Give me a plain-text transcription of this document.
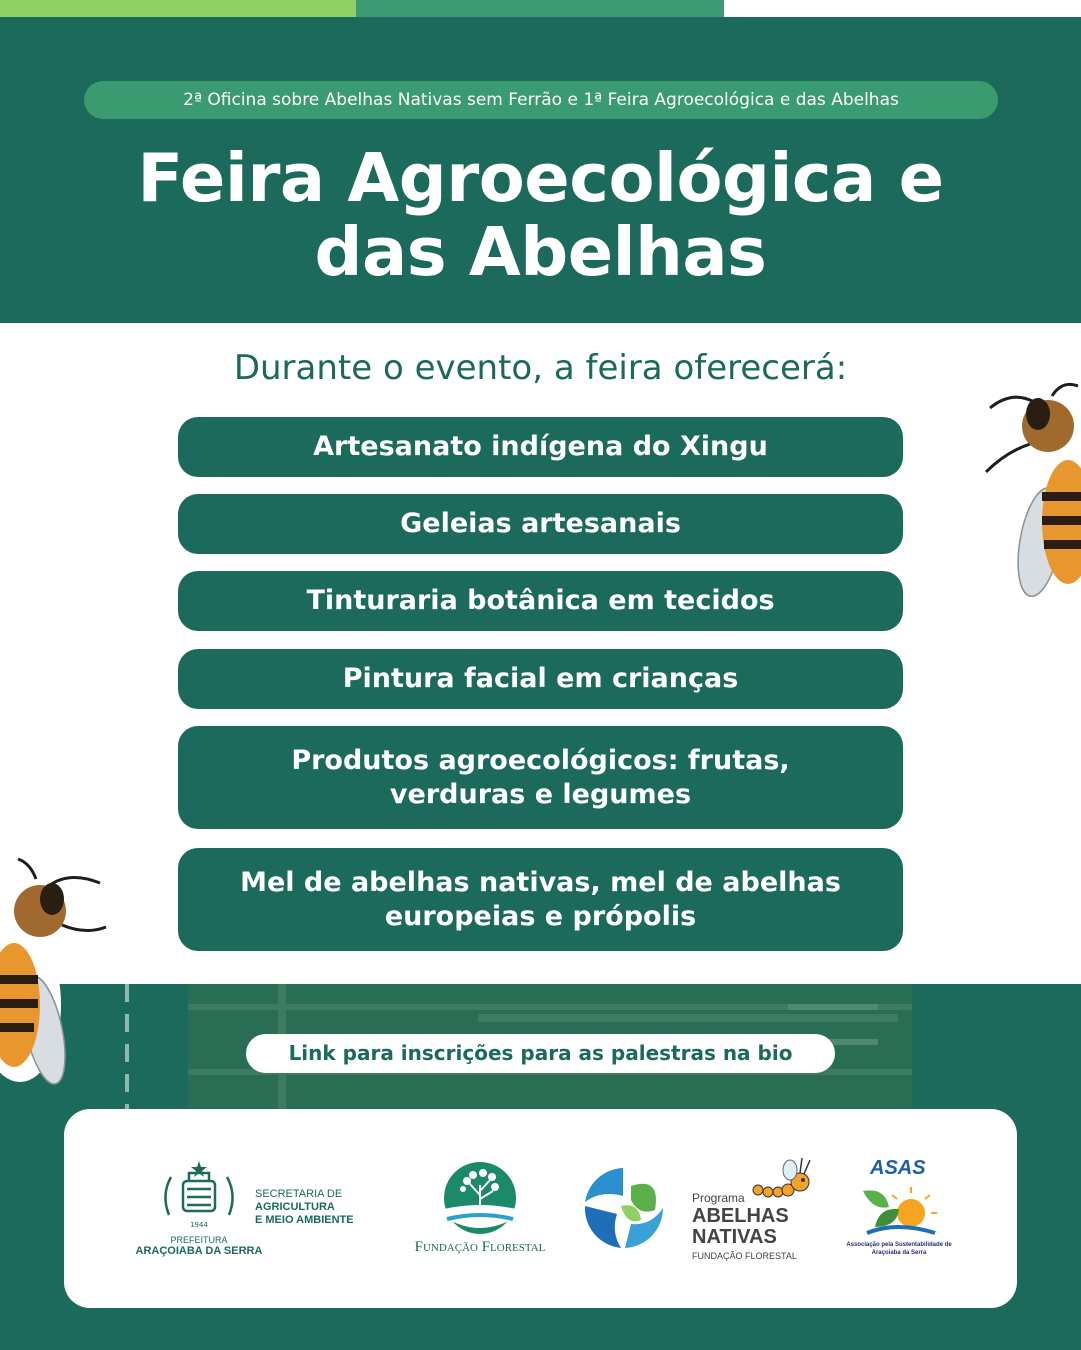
2ª Oficina sobre Abelhas Nativas sem Ferrão e 1ª Feira Agroecológica e das Abelhas
Feira Agroecológica e
das Abelhas
Durante o evento, a feira oferecerá:
Artesanato indígena do Xingu
Geleias artesanais
Tinturaria botânica em tecidos
Pintura facial em crianças
Produtos agroecológicos: frutas,
verduras e legumes
Mel de abelhas nativas, mel de abelhas
europeias e própolis
Link para inscrições para as palestras na bio
1944
PREFEITURA
ARAÇOIABA DA SERRA
SECRETARIA DE
AGRICULTURA
E MEIO AMBIENTE
Fundação Florestal
Programa
ABELHAS
NATIVAS
FUNDAÇÃO FLORESTAL
ASAS
Associação pela Sustentabilidade de
Araçoiaba da Serra
